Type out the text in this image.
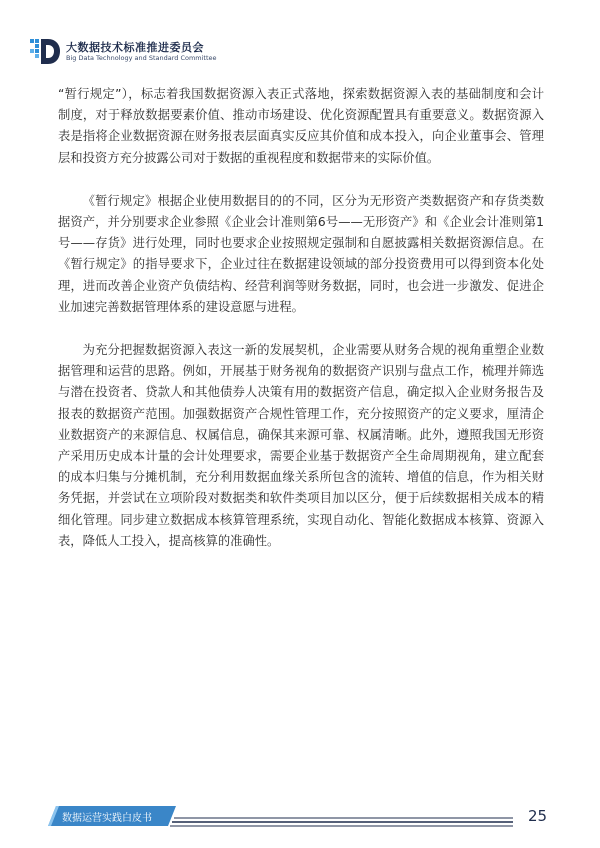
大数据技术标准推进委员会
Big Data Technology and Standard Committee

“暂行规定”），标志着我国数据资源入表正式落地，探索数据资源入表的基础制度和会计制度，对于释放数据要素价值、推动市场建设、优化资源配置具有重要意义。数据资源入表是指将企业数据资源在财务报表层面真实反应其价值和成本投入，向企业董事会、管理层和投资方充分披露公司对于数据的重视程度和数据带来的实际价值。

《暂行规定》根据企业使用数据目的的不同，区分为无形资产类数据资产和存货类数据资产，并分别要求企业参照《企业会计准则第6号——无形资产》和《企业会计准则第1号——存货》进行处理，同时也要求企业按照规定强制和自愿披露相关数据资源信息。在《暂行规定》的指导要求下，企业过往在数据建设领域的部分投资费用可以得到资本化处理，进而改善企业资产负债结构、经营利润等财务数据，同时，也会进一步激发、促进企业加速完善数据管理体系的建设意愿与进程。

为充分把握数据资源入表这一新的发展契机，企业需要从财务合规的视角重塑企业数据管理和运营的思路。例如，开展基于财务视角的数据资产识别与盘点工作，梳理并筛选与潜在投资者、贷款人和其他债券人决策有用的数据资产信息，确定拟入企业财务报告及报表的数据资产范围。加强数据资产合规性管理工作，充分按照资产的定义要求，厘清企业数据资产的来源信息、权属信息，确保其来源可靠、权属清晰。此外，遵照我国无形资产采用历史成本计量的会计处理要求，需要企业基于数据资产全生命周期视角，建立配套的成本归集与分摊机制，充分利用数据血缘关系所包含的流转、增值的信息，作为相关财务凭据，并尝试在立项阶段对数据类和软件类项目加以区分，便于后续数据相关成本的精细化管理。同步建立数据成本核算管理系统，实现自动化、智能化数据成本核算、资源入表，降低人工投入，提高核算的准确性。

数据运营实践白皮书	25
